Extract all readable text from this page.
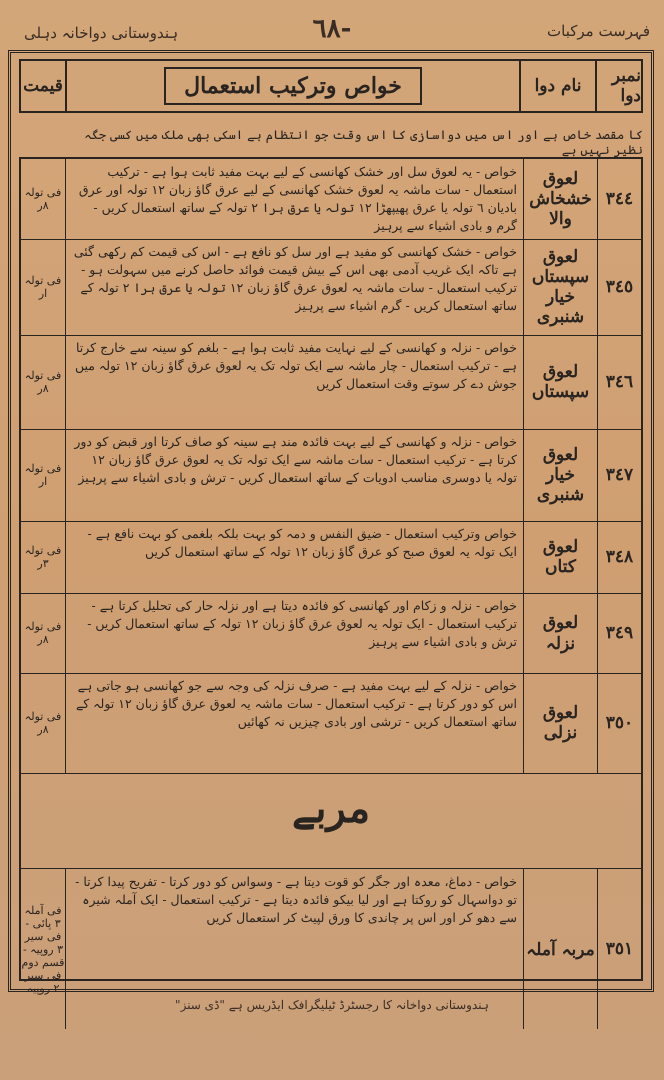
فہرست مرکبات
-٦٨
ہندوستانی دواخانہ دہلی
نمبر دوا
نام دوا
خواص وترکیب استعمال
قیمت
کا مقصد خاص ہے اور اس میں دواسازی کا اس وقت جو انتظام ہے اسکی بھی ملک میں کسی جگہ نظیر نہیں ہے
٣٤٤
لعوق خشخاش والا
خواص - یہ لعوق سل اور خشک کھانسی کے لیے بہت مفید ثابت ہوا ہے - ترکیب استعمال - سات ماشہ یہ لعوق خشک کھانسی کے لیے عرق گاؤ زبان ١٢ تولہ اور عرق بادیان ٦ تولہ یا عرق پھیپھڑا ١٢ تولہ یا عرق ہرا ٢ تولہ کے ساتھ استعمال کریں - گرم و بادی اشیاء سے پرہیز
فی تولہ
٨ر
٣٤٥
لعوق سپستاں خیار شنبری
خواص - خشک کھانسی کو مفید ہے اور سل کو نافع ہے - اس کی قیمت کم رکھی گئی ہے تاکہ ایک غریب آدمی بھی اس کے بیش قیمت فوائد حاصل کرنے میں سہولت ہو - ترکیب استعمال - سات ماشہ یہ لعوق عرق گاؤ زبان ١٢ تولہ یا عرق ہرا ٢ تولہ کے ساتھ استعمال کریں - گرم اشیاء سے پرہیز
فی تولہ
ار
٣٤٦
لعوق سپستاں
خواص - نزلہ و کھانسی کے لیے نہایت مفید ثابت ہوا ہے - بلغم کو سینہ سے خارج کرتا ہے - ترکیب استعمال - چار ماشہ سے ایک تولہ تک یہ لعوق عرق گاؤ زبان ١٢ تولہ میں جوش دے کر سوتے وقت استعمال کریں
فی تولہ
٨ر
٣٤٧
لعوق خیار شنبری
خواص - نزلہ و کھانسی کے لیے بہت فائدہ مند ہے سینہ کو صاف کرتا اور قبض کو دور کرتا ہے - ترکیب استعمال - سات ماشہ سے ایک تولہ تک یہ لعوق عرق گاؤ زبان ١٢ تولہ یا دوسری مناسب ادویات کے ساتھ استعمال کریں - ترش و بادی اشیاء سے پرہیز
فی تولہ
ار
٣٤٨
لعوق کتاں
خواص وترکیب استعمال - ضیق النفس و دمہ کو بہت بلکہ بلغمی کو بہت نافع ہے - ایک تولہ یہ لعوق صبح کو عرق گاؤ زبان ١٢ تولہ کے ساتھ استعمال کریں
فی تولہ
٣ر
٣٤٩
لعوق نزلہ
خواص - نزلہ و زکام اور کھانسی کو فائدہ دیتا ہے اور نزلہ حار کی تحلیل کرتا ہے - ترکیب استعمال - ایک تولہ یہ لعوق عرق گاؤ زبان ١٢ تولہ کے ساتھ استعمال کریں - ترش و بادی اشیاء سے پرہیز
فی تولہ
٨ر
٣٥٠
لعوق نزلی
خواص - نزلہ کے لیے بہت مفید ہے - صرف نزلہ کی وجہ سے جو کھانسی ہو جاتی ہے اس کو دور کرتا ہے - ترکیب استعمال - سات ماشہ یہ لعوق عرق گاؤ زبان ١٢ تولہ کے ساتھ استعمال کریں - ترشی اور بادی چیزیں نہ کھائیں
فی تولہ
٨ر
مربے
٣٥١
مربہ آملہ
خواص - دماغ، معدہ اور جگر کو قوت دیتا ہے - وسواس کو دور کرتا - تفریح پیدا کرتا - تو دواسہال کو روکتا ہے اور لیا بیکو فائدہ دیتا ہے - ترکیب استعمال - ایک آملہ شیرہ سے دھو کر اور اس پر چاندی کا ورق لپیٹ کر استعمال کریں
فی آملہ ٣ پائی - فی سیر ٣ روپیہ - قسم دوم فی سیر ٢ روپیہ
ہندوستانی دواخانہ کا رجسٹرڈ ٹیلیگرافک ایڈریس ہے "ڈی سنز"
